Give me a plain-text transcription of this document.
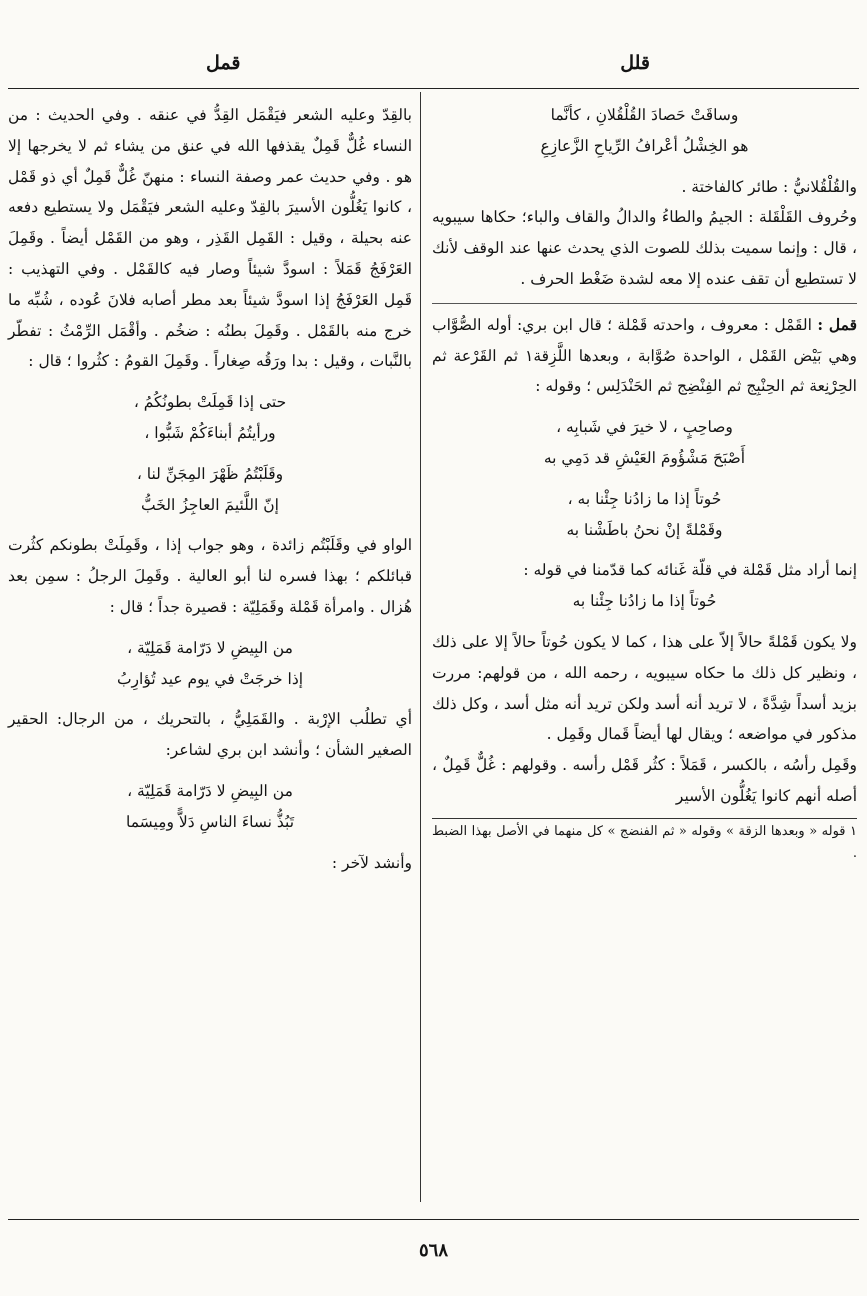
قلل
قمل

وساقَتْ حَصادَ القُلْقُلانِ ، كأنَّما

هو الخِشْلُ أعْرافُ الرِّياحِ الزَّعازِعِ

والقُلْقُلانيُّ : طائر كالفاختة .

وحُروف القَلْقَلة : الجيمُ والطاءُ والدالُ والقاف والباء؛ حكاها سيبويه ، قال : وإنما سميت بذلك للصوت الذي يحدث عنها عند الوقف لأنك لا تستطيع أن تقف عنده إلا معه لشدة ضَغْط الحرف .

قمل : القَمْل : معروف ، واحدته قَمْلة ؛ قال ابن بري: أوله الصُّوَّاب وهي بَيْض القَمْل ، الواحدة صُوَّابة ، وبعدها اللَّزِقة١ ثم القَرْعة ثم الحِرْنِعة ثم الحِنْبِج ثم الفِنْضِج ثم الحَنْدَلِس ؛ وقوله :

وصاحِبٍ ، لا خيرَ في شَبابِه ،

أَصْبَحَ مَشْؤُومَ العَيْشِ قد دَمِي به

حُوتاً إذا ما زادُنا جِئْنا به ،

وقَمْلةً إنْ نحنُ باطَشْنا به

إنما أراد مثل قَمْلة في قلّة غَنائه كما قدّمنا في قوله :

حُوتاً إذا ما زادُنا جِئْنا به

ولا يكون قَمْلةً حالاً إلاّ على هذا ، كما لا يكون حُوتاً حالاً إلا على ذلك ، ونظير كل ذلك ما حكاه سيبويه ، رحمه الله ، من قولهم: مررت بزيد أسداً شِدَّةً ، لا تريد أنه أسد ولكن تريد أنه مثل أسد ، وكل ذلك مذكور في مواضعه ؛ ويقال لها أيضاً قَمال وقَمِل .

وقَمِل رأسُه ، بالكسر ، قَمَلاً : كثُر قَمْل رأسه . وقولهم : غُلٌّ قَمِلٌ ، أصله أنهم كانوا يَغُلُّون الأسير

١ قوله « وبعدها الزقة » وقوله « ثم الفنضج » كل منهما في الأصل بهذا الضبط .

بالقِدّ وعليه الشعر فيَقْمَل القِدُّ في عنقه . وفي الحديث : من النساء غُلٌّ قَمِلٌ يقذفها الله في عنق من يشاء ثم لا يخرجها إلا هو . وفي حديث عمر وصفة النساء : منهنّ غُلٌّ قَمِلٌ أي ذو قَمْل ، كانوا يَغُلُّون الأسيرَ بالقِدّ وعليه الشعر فيَقْمَل ولا يستطيع دفعه عنه بحيلة ، وقيل : القَمِل القَذِر ، وهو من القَمْل أيضاً . وقَمِلَ العَرْفَجُ قَمَلاً : اسودَّ شيئاً وصار فيه كالقَمْل . وفي التهذيب : قَمِل العَرْفَجُ إذا اسودَّ شيئاً بعد مطر أصابه فلانَ عُوده ، شُبِّه ما خرج منه بالقَمْل . وقَمِلَ بطنُه : ضخُم . وأقْمَل الرِّمْثُ : تفطّر بالنَّبات ، وقيل : بدا ورَقُه صِغاراً . وقَمِلَ القومُ : كثُروا ؛ قال :

حتى إذا قَمِلَتْ بطونُكُمُ ،

ورأيتُمُ أبناءَكُمْ شَبُّوا ،

وقَلَبْتُمُ ظَهْرَ المِجَنِّ لنا ،

إنّ اللَّئيمَ العاجِزُ الخَبُّ

الواو في وقَلَبْتُم زائدة ، وهو جواب إذا ، وقَمِلَتْ بطونكم كثُرت قبائلكم ؛ بهذا فسره لنا أبو العالية . وقَمِلَ الرجلُ : سمِن بعد هُزال . وامرأة قَمْلة وقَمَلِيّة : قصيرة جداً ؛ قال :

من البِيضِ لا دَرّامة قَمَلِيّة ،

إذا خرجَتْ في يوم عيد تُؤارِبُ

أي تطلُب الإرْبة . والقَمَلِيُّ ، بالتحريك ، من الرجال: الحقير الصغير الشأن ؛ وأنشد ابن بري لشاعر:

من البِيضِ لا دَرّامة قَمَلِيّة ،

تَبُذُّ نساءَ الناسِ دَلاًّ ومِيسَما

وأنشد لآخر :

٥٦٨
